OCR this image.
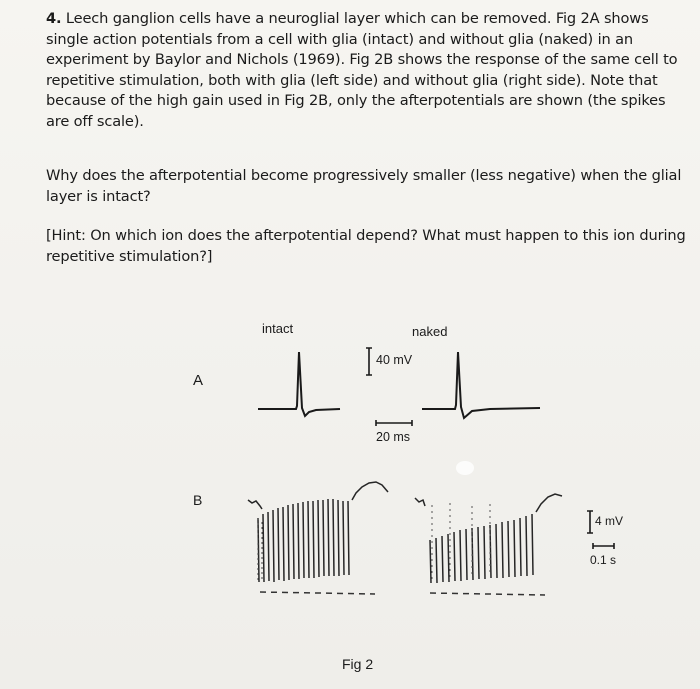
4. Leech ganglion cells have a neuroglial layer which can be removed. Fig 2A shows single action potentials from a cell with glia (intact) and without glia (naked) in an experiment by Baylor and Nichols (1969). Fig 2B shows the response of the same cell to repetitive stimulation, both with glia (left side) and without glia (right side). Note that because of the high gain used in Fig 2B, only the afterpotentials are shown (the spikes are off scale).
Why does the afterpotential become progressively smaller (less negative) when the glial layer is intact?
[Hint: On which ion does the afterpotential depend? What must happen to this ion during repetitive stimulation?]
intact	naked
A
40 mV
20 ms
B
4 mV
0.1 s
Fig 2
